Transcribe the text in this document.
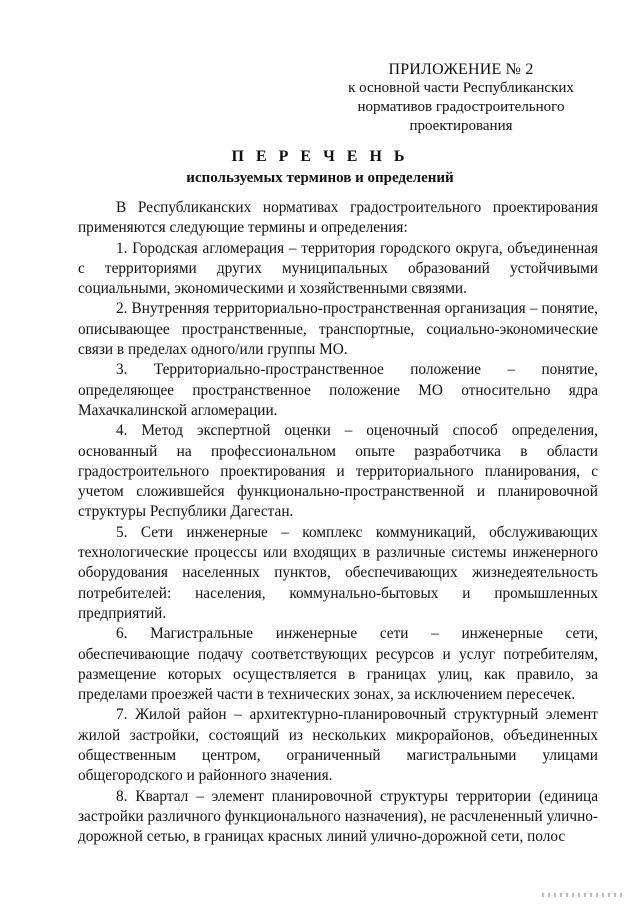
ПРИЛОЖЕНИЕ № 2
к основной части Республиканских нормативов градостроительного проектирования
П Е Р Е Ч Е Н Ь
используемых терминов и определений

В Республиканских нормативах градостроительного проектирования применяются следующие термины и определения:

1. Городская агломерация – территория городского округа, объединенная с территориями других муниципальных образований устойчивыми социальными, экономическими и хозяйственными связями.

2. Внутренняя территориально-пространственная организация – понятие, описывающее пространственные, транспортные, социально-экономические связи в пределах одного/или группы МО.

3. Территориально-пространственное положение – понятие, определяющее пространственное положение МО относительно ядра Махачкалинской агломерации.

4. Метод экспертной оценки – оценочный способ определения, основанный на профессиональном опыте разработчика в области градостроительного проектирования и территориального планирования, с учетом сложившейся функционально-пространственной и планировочной структуры Республики Дагестан.

5. Сети инженерные – комплекс коммуникаций, обслуживающих технологические процессы или входящих в различные системы инженерного оборудования населенных пунктов, обеспечивающих жизнедеятельность потребителей: населения, коммунально-бытовых и промышленных предприятий.

6. Магистральные инженерные сети – инженерные сети, обеспечивающие подачу соответствующих ресурсов и услуг потребителям, размещение которых осуществляется в границах улиц, как правило, за пределами проезжей части в технических зонах, за исключением пересечек.

7. Жилой район – архитектурно-планировочный структурный элемент жилой застройки, состоящий из нескольких микрорайонов, объединенных общественным центром, ограниченный магистральными улицами общегородского и районного значения.

8. Квартал – элемент планировочной структуры территории (единица застройки различного функционального назначения), не расчлененный улично-дорожной сетью, в границах красных линий улично-дорожной сети, полос
